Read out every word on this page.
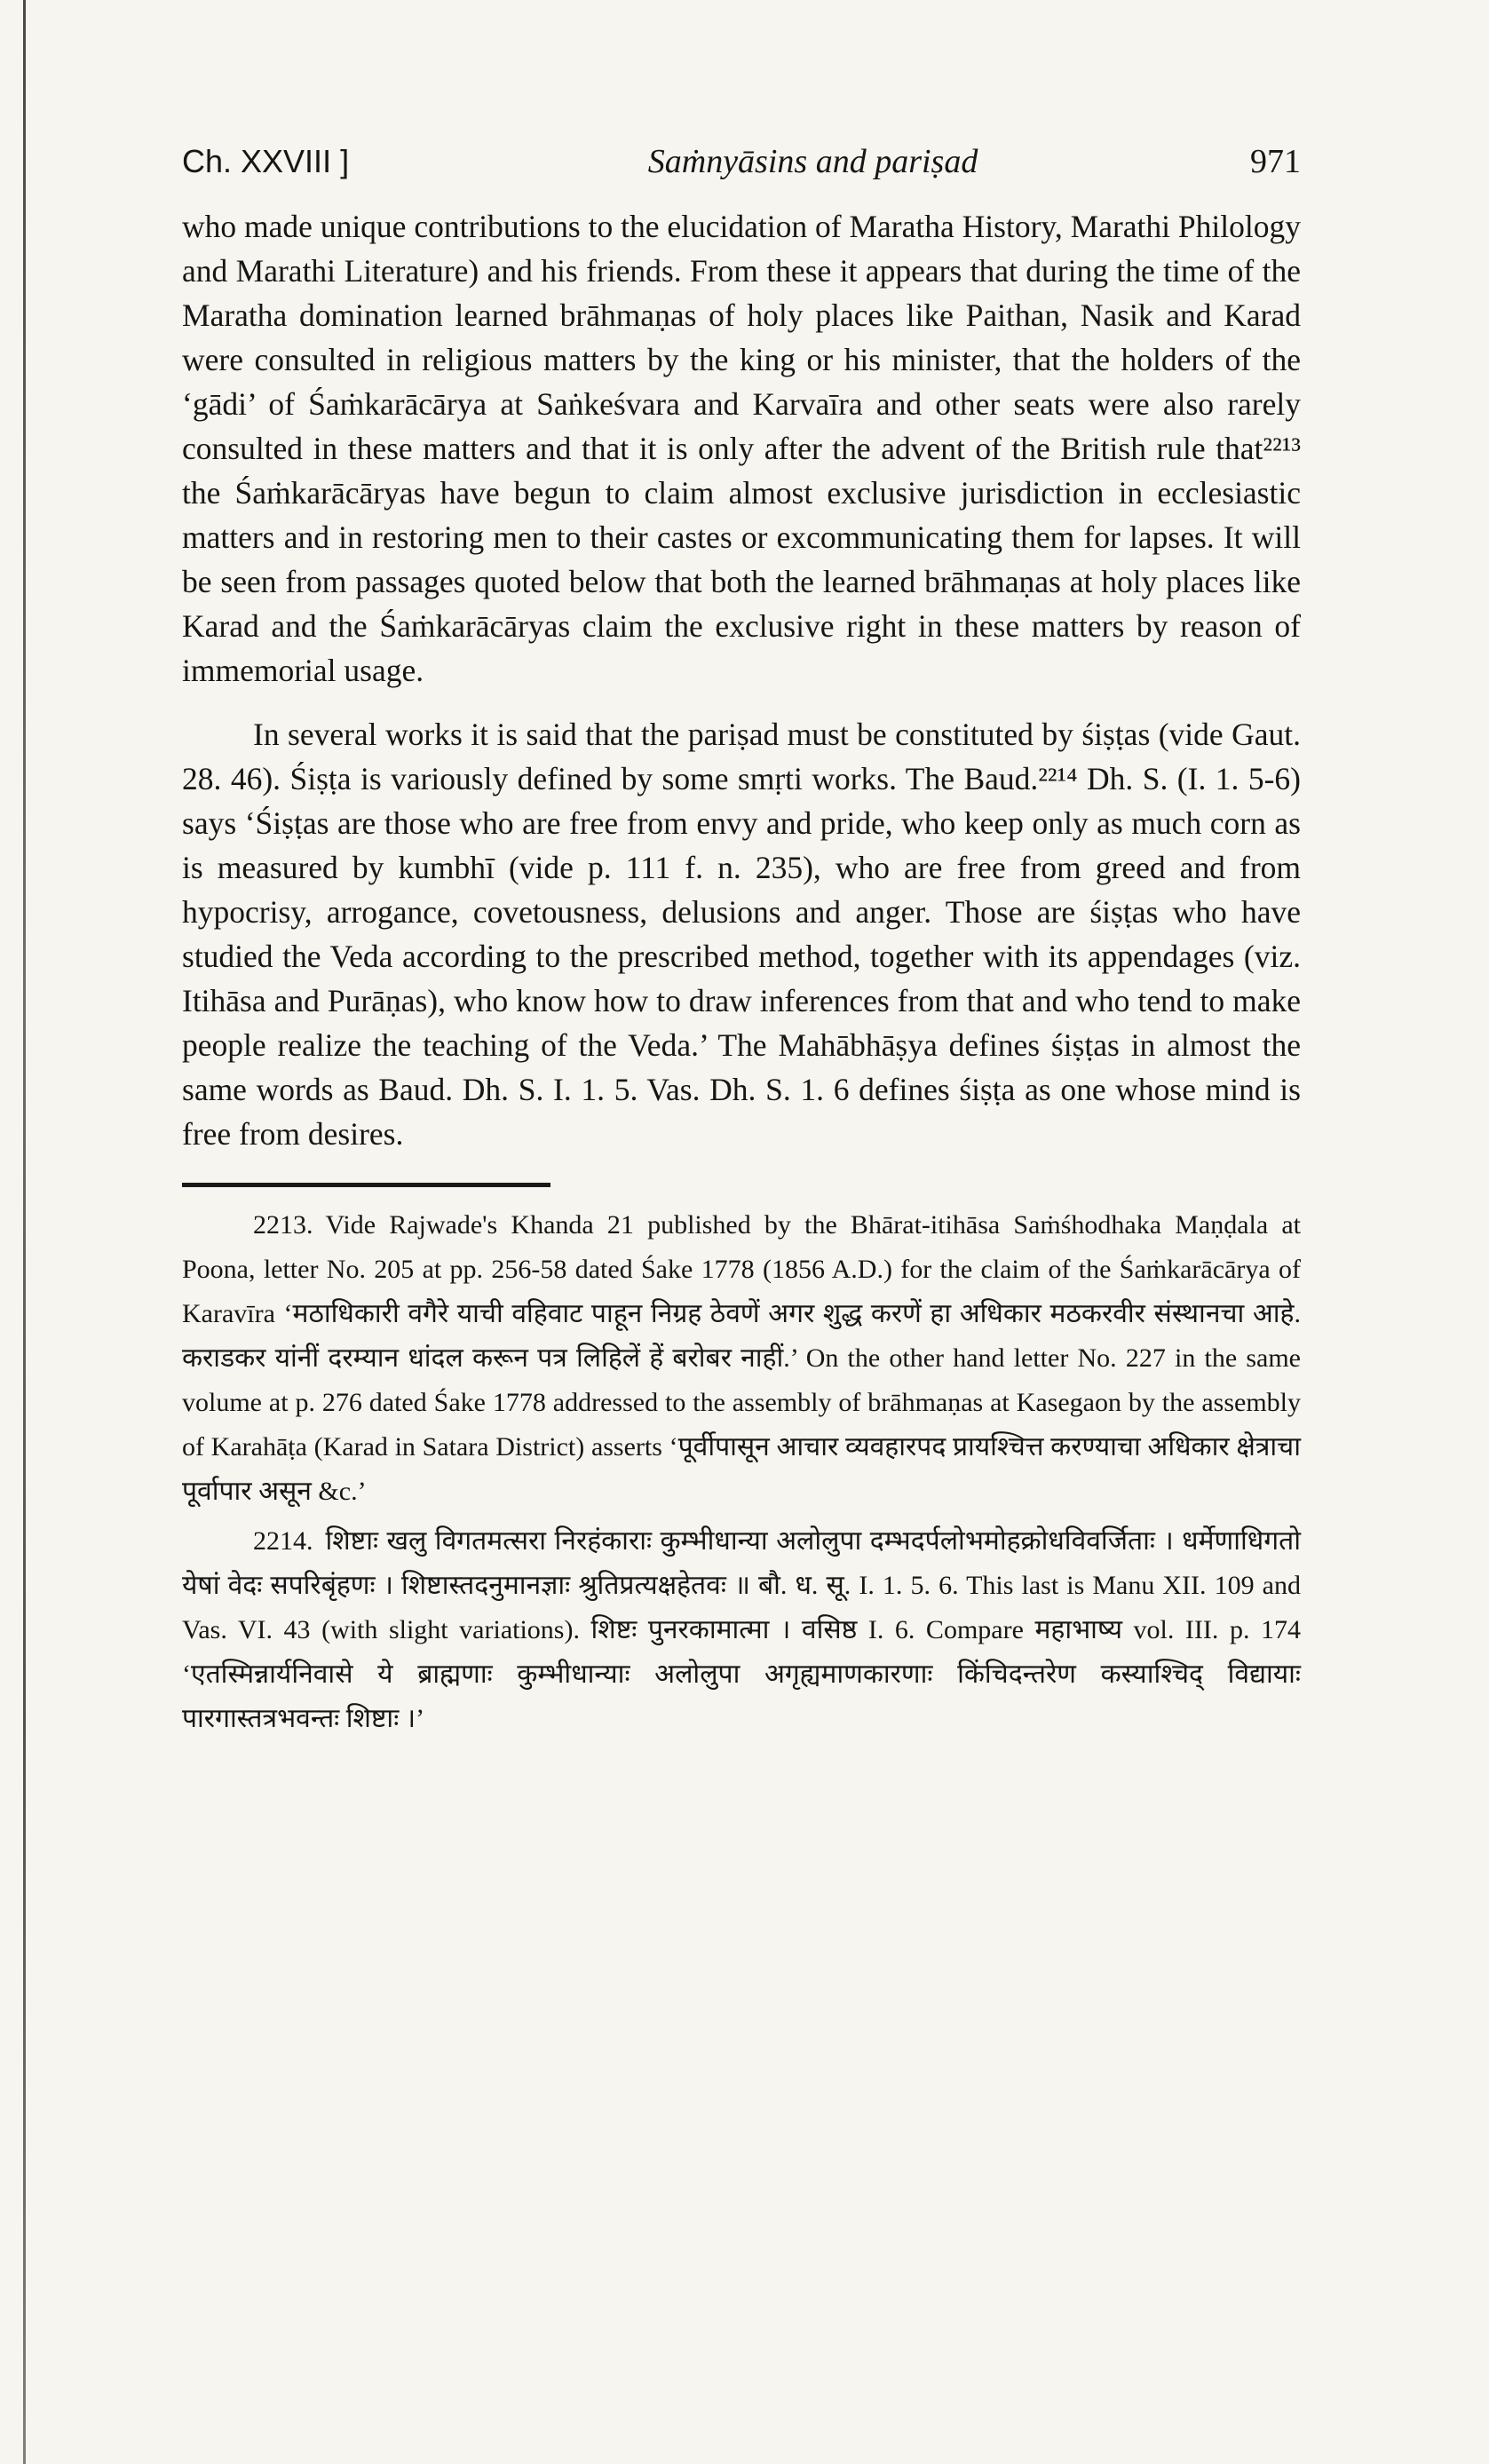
Ch. XXVIII ]	Saṁnyāsins and pariṣad	971

who made unique contributions to the elucidation of Maratha History, Marathi Philology and Marathi Literature) and his friends. From these it appears that during the time of the Maratha domination learned brāhmaṇas of holy places like Paithan, Nasik and Karad were consulted in religious matters by the king or his minister, that the holders of the ‘gādi’ of Śaṁkarācārya at Saṅkeśvara and Karvaīra and other seats were also rarely consulted in these matters and that it is only after the advent of the British rule that²²¹³ the Śaṁkarācāryas have begun to claim almost exclusive jurisdiction in ecclesiastic matters and in restoring men to their castes or excommunicating them for lapses. It will be seen from passages quoted below that both the learned brāhmaṇas at holy places like Karad and the Śaṁkarācāryas claim the exclusive right in these matters by reason of immemorial usage.

In several works it is said that the pariṣad must be constituted by śiṣṭas (vide Gaut. 28. 46). Śiṣṭa is variously defined by some smṛti works. The Baud.²²¹⁴ Dh. S. (I. 1. 5-6) says ‘Śiṣṭas are those who are free from envy and pride, who keep only as much corn as is measured by kumbhī (vide p. 111 f. n. 235), who are free from greed and from hypocrisy, arrogance, covetousness, delusions and anger. Those are śiṣṭas who have studied the Veda according to the prescribed method, together with its appendages (viz. Itihāsa and Purāṇas), who know how to draw inferences from that and who tend to make people realize the teaching of the Veda.’ The Mahābhāṣya defines śiṣṭas in almost the same words as Baud. Dh. S. I. 1. 5. Vas. Dh. S. 1. 6 defines śiṣṭa as one whose mind is free from desires.

2213. Vide Rajwade's Khanda 21 published by the Bhārat-itihāsa Saṁśhodhaka Maṇḍala at Poona, letter No. 205 at pp. 256-58 dated Śake 1778 (1856 A.D.) for the claim of the Śaṁkarācārya of Karavīra ‘मठाधिकारी वगैरे याची वहिवाट पाहून निग्रह ठेवणें अगर शुद्ध करणें हा अधिकार मठकरवीर संस्थानचा आहे. कराडकर यांनीं दरम्यान धांदल करून पत्र लिहिलें हें बरोबर नाहीं.’ On the other hand letter No. 227 in the same volume at p. 276 dated Śake 1778 addressed to the assembly of brāhmaṇas at Kasegaon by the assembly of Karahāṭa (Karad in Satara District) asserts ‘पूर्वीपासून आचार व्यवहारपद प्रायश्चित्त करण्याचा अधिकार क्षेत्राचा पूर्वापार असून &c.’

2214. शिष्टाः खलु विगतमत्सरा निरहंकाराः कुम्भीधान्या अलोलुपा दम्भदर्पलोभमोहक्रोधविवर्जिताः । धर्मेणाधिगतो येषां वेदः सपरिबृंहणः । शिष्टास्तदनुमानज्ञाः श्रुतिप्रत्यक्षहेतवः ॥ बौ. ध. सू. I. 1. 5. 6. This last is Manu XII. 109 and Vas. VI. 43 (with slight variations). शिष्टः पुनरकामात्मा । वसिष्ठ I. 6. Compare महाभाष्य vol. III. p. 174 ‘एतस्मिन्नार्यनिवासे ये ब्राह्मणाः कुम्भीधान्याः अलोलुपा अगृह्यमाणकारणाः किंचिदन्तरेण कस्याश्चिद् विद्यायाः पारगास्तत्रभवन्तः शिष्टाः ।’
